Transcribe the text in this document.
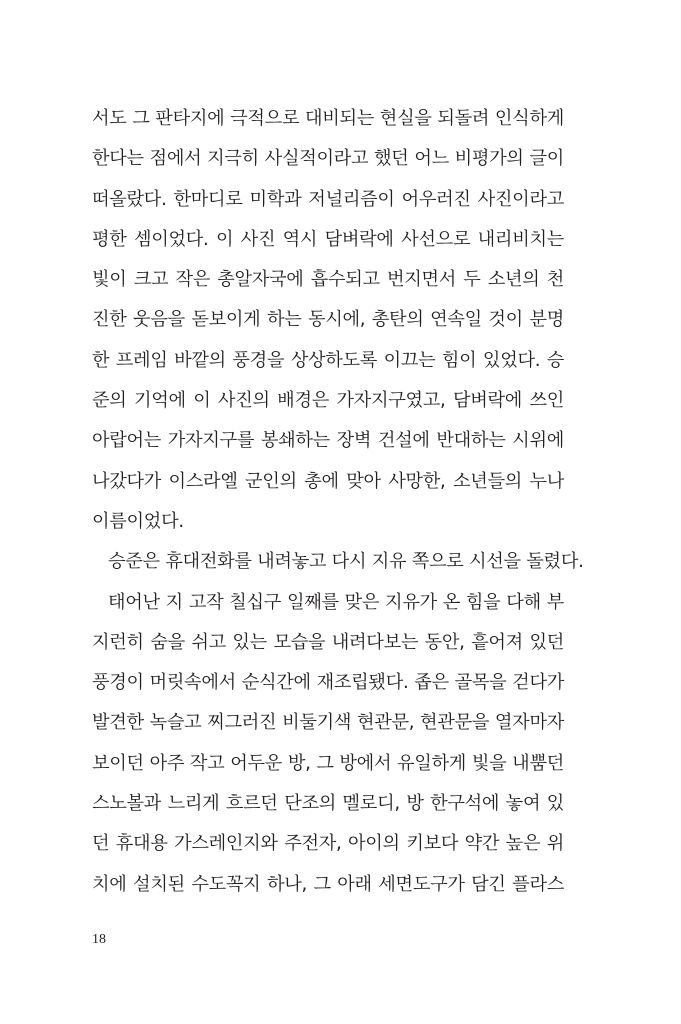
서도 그 판타지에 극적으로 대비되는 현실을 되돌려 인식하게
한다는 점에서 지극히 사실적이라고 했던 어느 비평가의 글이
떠올랐다. 한마디로 미학과 저널리즘이 어우러진 사진이라고
평한 셈이었다. 이 사진 역시 담벼락에 사선으로 내리비치는
빛이 크고 작은 총알자국에 흡수되고 번지면서 두 소년의 천
진한 웃음을 돋보이게 하는 동시에, 총탄의 연속일 것이 분명
한 프레임 바깥의 풍경을 상상하도록 이끄는 힘이 있었다. 승
준의 기억에 이 사진의 배경은 가자지구였고, 담벼락에 쓰인
아랍어는 가자지구를 봉쇄하는 장벽 건설에 반대하는 시위에
나갔다가 이스라엘 군인의 총에 맞아 사망한, 소년들의 누나
이름이었다.
승준은 휴대전화를 내려놓고 다시 지유 쪽으로 시선을 돌렸다.
태어난 지 고작 칠십구 일째를 맞은 지유가 온 힘을 다해 부
지런히 숨을 쉬고 있는 모습을 내려다보는 동안, 흩어져 있던
풍경이 머릿속에서 순식간에 재조립됐다. 좁은 골목을 걷다가
발견한 녹슬고 찌그러진 비둘기색 현관문, 현관문을 열자마자
보이던 아주 작고 어두운 방, 그 방에서 유일하게 빛을 내뿜던
스노볼과 느리게 흐르던 단조의 멜로디, 방 한구석에 놓여 있
던 휴대용 가스레인지와 주전자, 아이의 키보다 약간 높은 위
치에 설치된 수도꼭지 하나, 그 아래 세면도구가 담긴 플라스
18
